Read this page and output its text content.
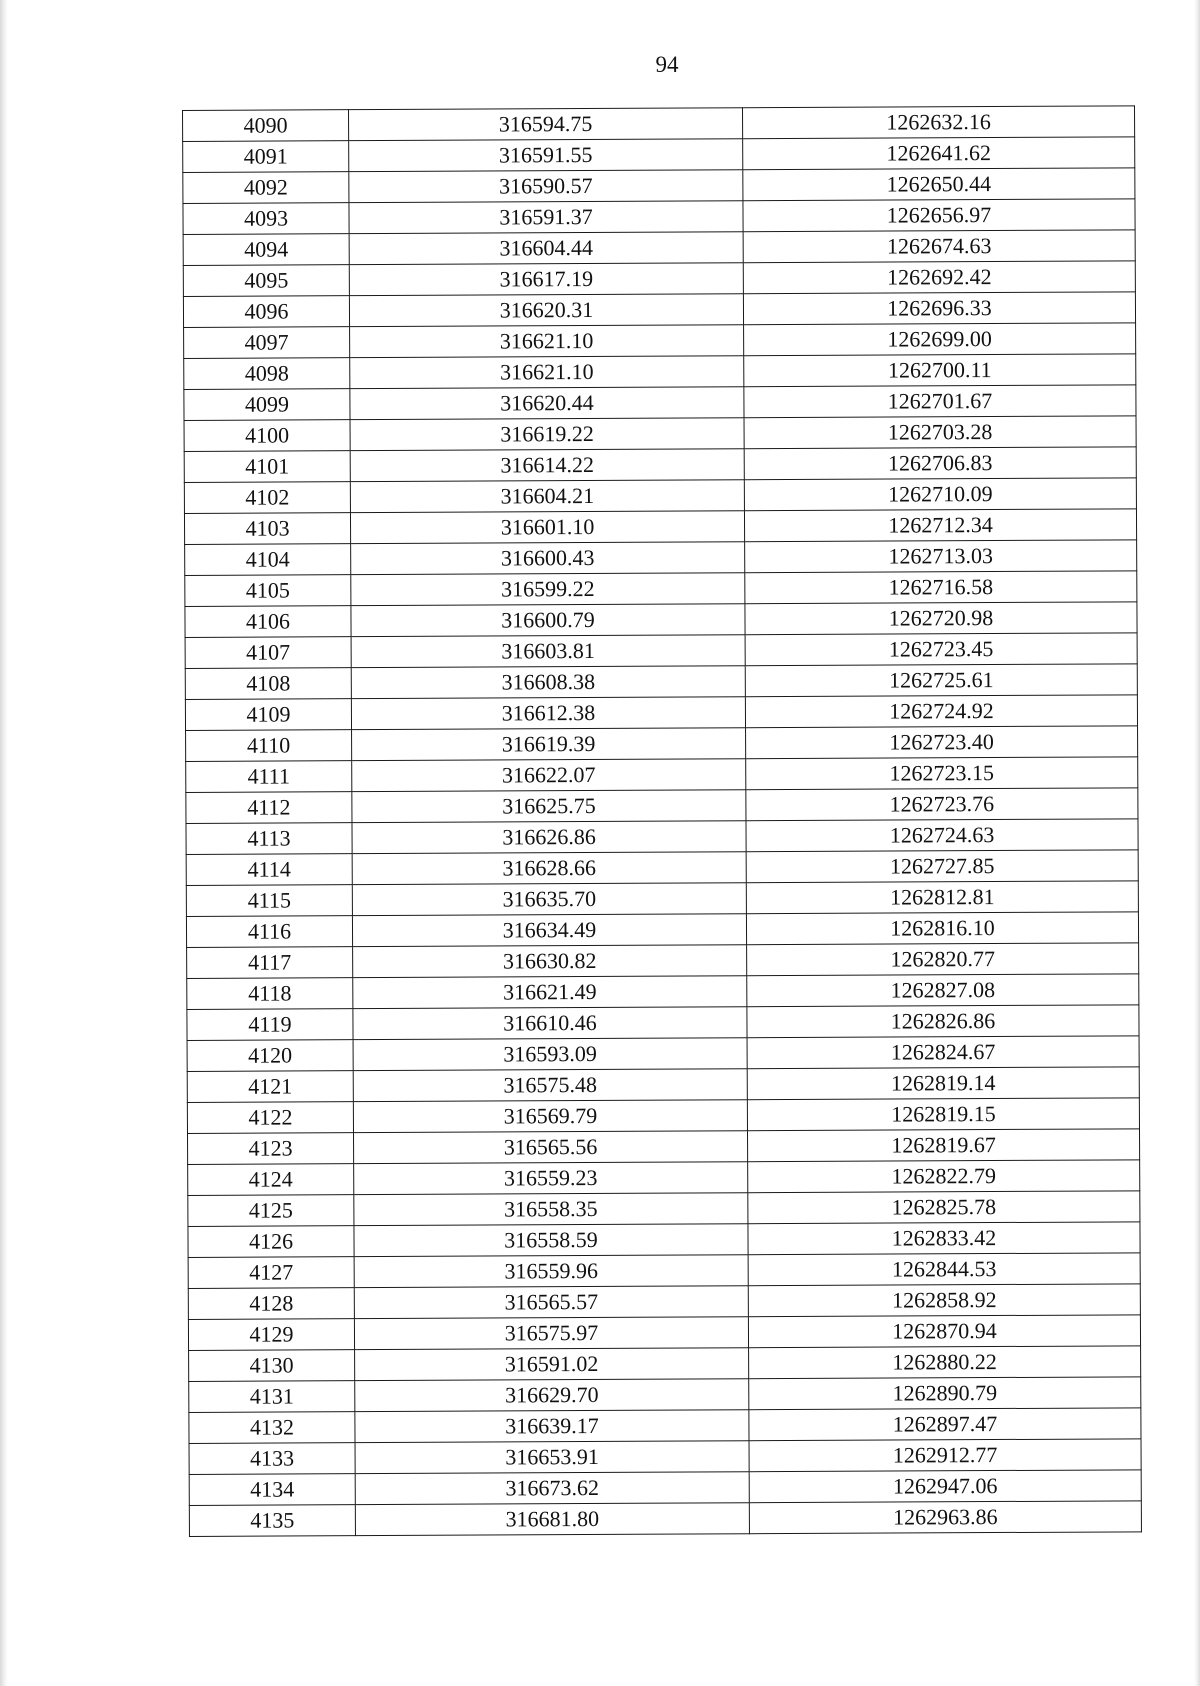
94
4090	316594.75	1262632.16
4091	316591.55	1262641.62
4092	316590.57	1262650.44
4093	316591.37	1262656.97
4094	316604.44	1262674.63
4095	316617.19	1262692.42
4096	316620.31	1262696.33
4097	316621.10	1262699.00
4098	316621.10	1262700.11
4099	316620.44	1262701.67
4100	316619.22	1262703.28
4101	316614.22	1262706.83
4102	316604.21	1262710.09
4103	316601.10	1262712.34
4104	316600.43	1262713.03
4105	316599.22	1262716.58
4106	316600.79	1262720.98
4107	316603.81	1262723.45
4108	316608.38	1262725.61
4109	316612.38	1262724.92
4110	316619.39	1262723.40
4111	316622.07	1262723.15
4112	316625.75	1262723.76
4113	316626.86	1262724.63
4114	316628.66	1262727.85
4115	316635.70	1262812.81
4116	316634.49	1262816.10
4117	316630.82	1262820.77
4118	316621.49	1262827.08
4119	316610.46	1262826.86
4120	316593.09	1262824.67
4121	316575.48	1262819.14
4122	316569.79	1262819.15
4123	316565.56	1262819.67
4124	316559.23	1262822.79
4125	316558.35	1262825.78
4126	316558.59	1262833.42
4127	316559.96	1262844.53
4128	316565.57	1262858.92
4129	316575.97	1262870.94
4130	316591.02	1262880.22
4131	316629.70	1262890.79
4132	316639.17	1262897.47
4133	316653.91	1262912.77
4134	316673.62	1262947.06
4135	316681.80	1262963.86
